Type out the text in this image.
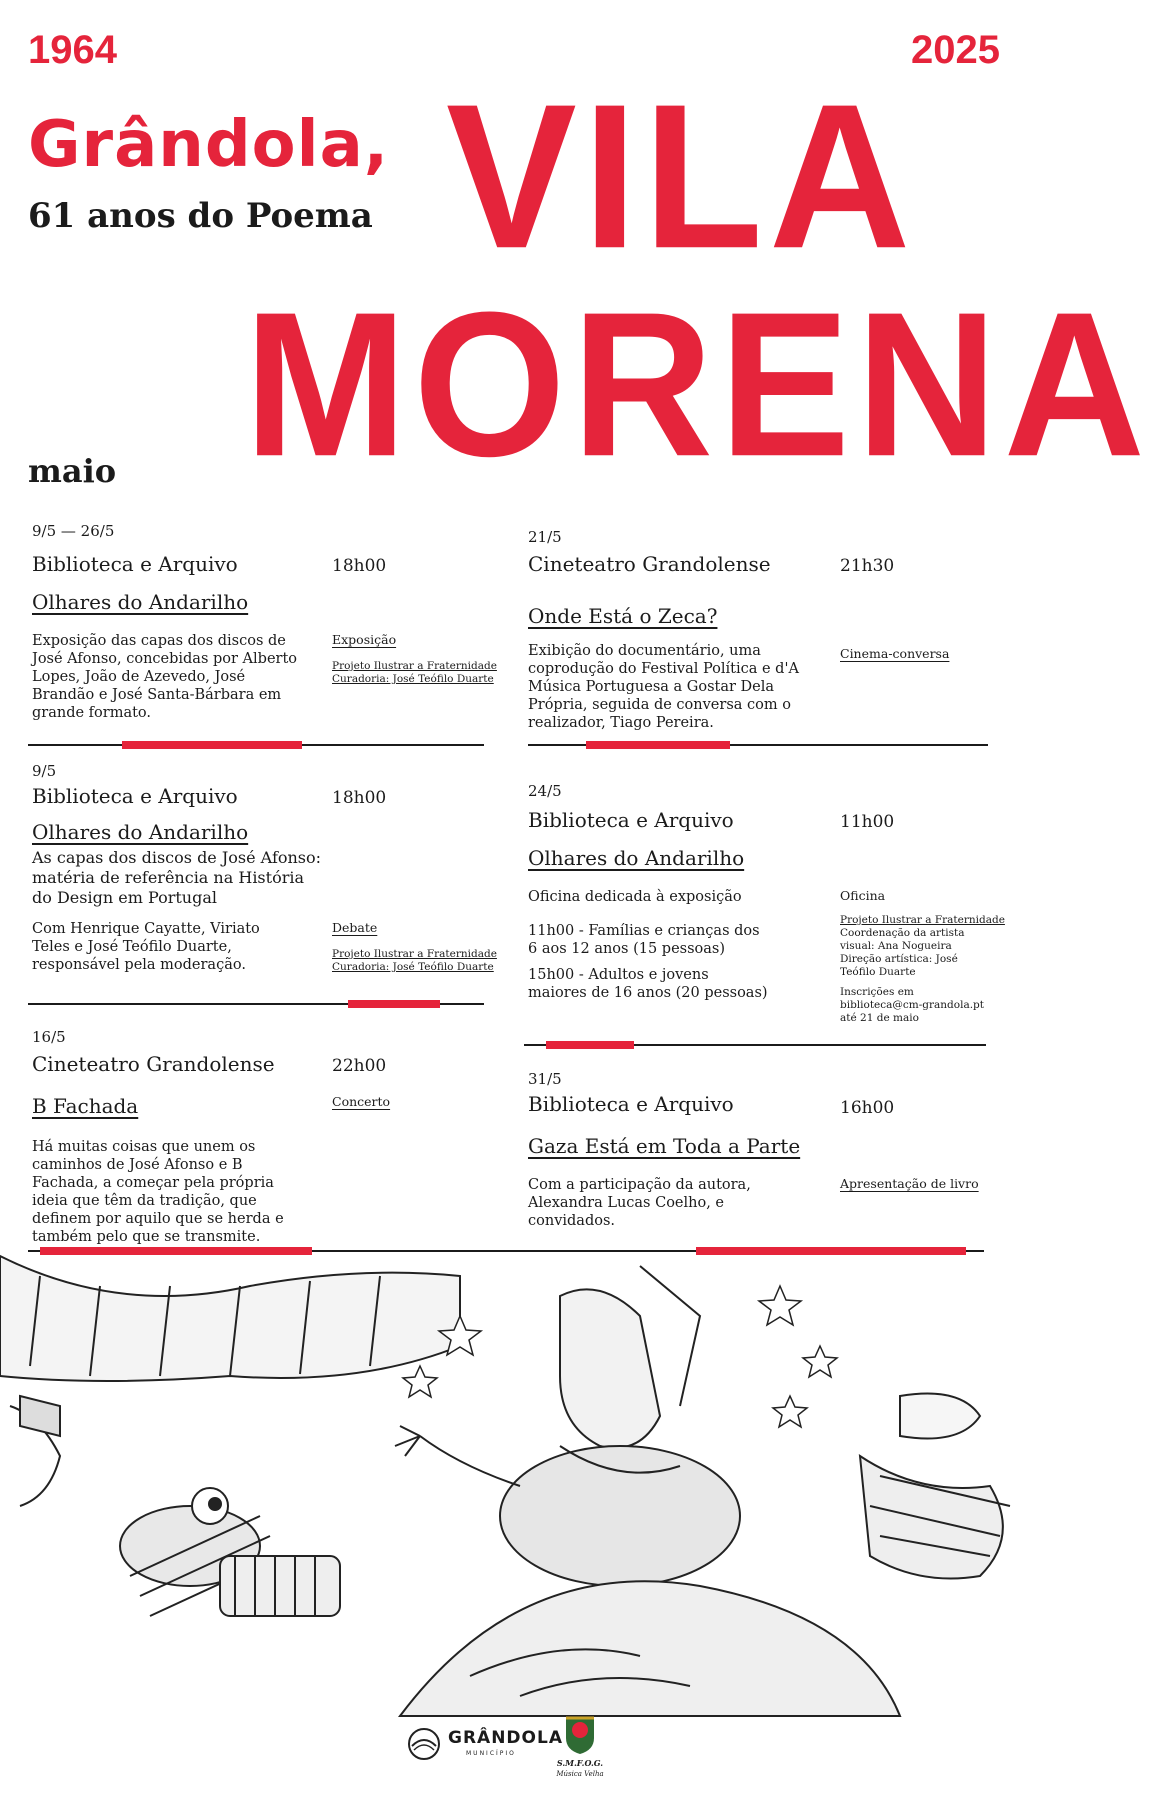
1964	2025
Grândola,
61 anos do Poema VILA
MORENA
maio
9/5 — 26/5
Biblioteca e Arquivo	18h00
Olhares do Andarilho
Exposição das capas dos discos de José Afonso, concebidas por Alberto Lopes, João de Azevedo, José Brandão e José Santa-Bárbara em grande formato.
Exposição
Projeto Ilustrar a Fraternidade
Curadoria: José Teófilo Duarte
21/5
Cineteatro Grandolense	21h30
Onde Está o Zeca?
Exibição do documentário, uma coprodução do Festival Política e d'A Música Portuguesa a Gostar Dela Própria, seguida de conversa com o realizador, Tiago Pereira.
Cinema-conversa
9/5
Biblioteca e Arquivo	18h00
Olhares do Andarilho
As capas dos discos de José Afonso: matéria de referência na História do Design em Portugal
Com Henrique Cayatte, Viriato Teles e José Teófilo Duarte, responsável pela moderação.
Debate
Projeto Ilustrar a Fraternidade
Curadoria: José Teófilo Duarte
24/5
Biblioteca e Arquivo	11h00
Olhares do Andarilho
Oficina dedicada à exposição
11h00 - Famílias e crianças dos 6 aos 12 anos (15 pessoas)
15h00 - Adultos e jovens maiores de 16 anos (20 pessoas)
Oficina
Projeto Ilustrar a Fraternidade
Coordenação da artista visual: Ana Nogueira
Direção artística: José Teófilo Duarte
Inscrições em biblioteca@cm-grandola.pt até 21 de maio
16/5
Cineteatro Grandolense	22h00
Concerto
B Fachada
Há muitas coisas que unem os caminhos de José Afonso e B Fachada, a começar pela própria ideia que têm da tradição, que definem por aquilo que se herda e também pelo que se transmite.
31/5
Biblioteca e Arquivo	16h00
Gaza Está em Toda a Parte
Com a participação da autora, Alexandra Lucas Coelho, e convidados.
Apresentação de livro
GRÂNDOLA
MUNICÍPIO
S.M.F.O.G.
Música Velha
